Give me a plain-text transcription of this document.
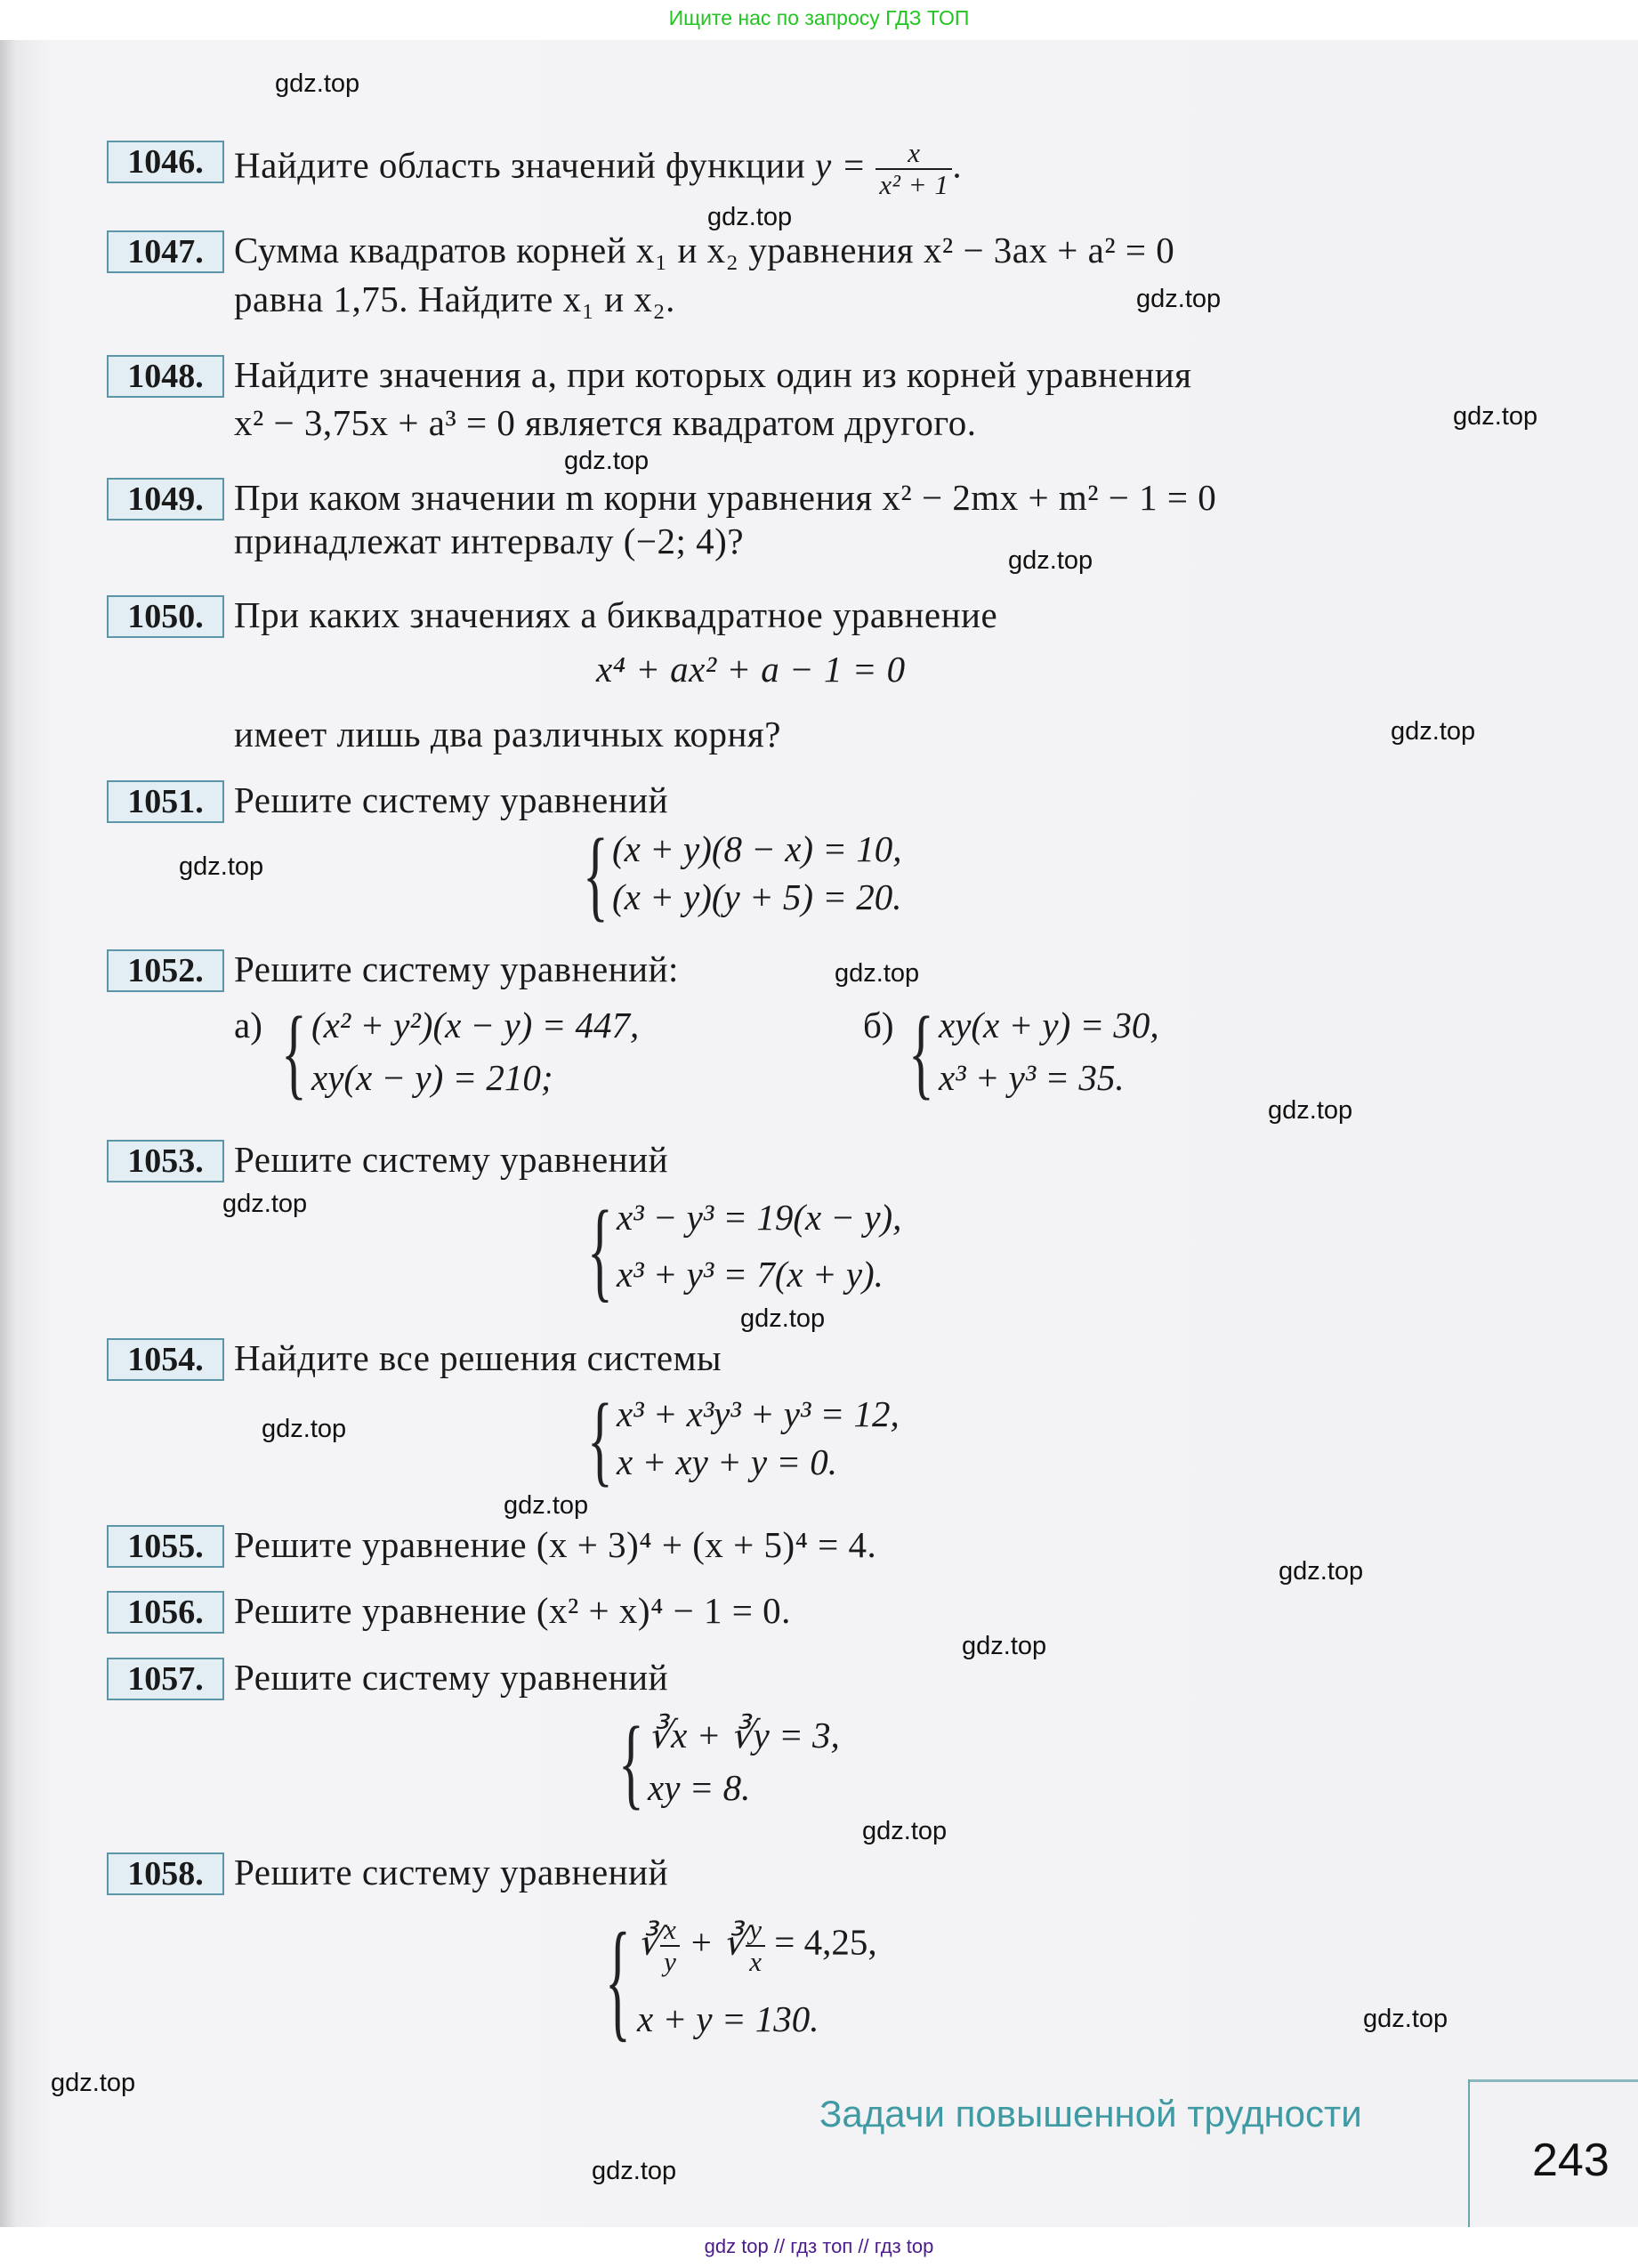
Ищите нас по запросу ГДЗ ТОП
1046. Найдите область значений функции $y = \frac{x}{\text{x² + 1}}$ .
1047. Сумма квадратов корней x₁ и x₂ уравнения x² − 3ax + a² = 0
равна 1,75. Найдите x₁ и x₂.
1048. Найдите значения a, при которых один из корней уравнения
x² − 3,75x + a³ = 0 является квадратом другого.
1049. При каком значении m корни уравнения x² − 2mx + m² − 1 = 0
принадлежат интервалу (−2; 4)?
1050. При каких значениях a биквадратное уравнение
x⁴ + ax² + a − 1 = 0
имеет лишь два различных корня?
1051. Решите систему уравнений
{ (x + y)(8 − x) = 10,
(x + y)(y + 5) = 20.
1052. Решите систему уравнений:
а) { (x² + y²)(x − y) = 447,
xy(x − y) = 210;
б) { xy(x + y) = 30,
x³ + y³ = 35.
1053. Решите систему уравнений
{ x³ − y³ = 19(x − y),
x³ + y³ = 7(x + y).
1054. Найдите все решения системы
{ x³ + x³y³ + y³ = 12,
x + xy + y = 0.
1055. Решите уравнение (x + 3)⁴ + (x + 5)⁴ = 4.
1056. Решите уравнение (x² + x)⁴ − 1 = 0.
1057. Решите систему уравнений
{ ∛x + ∛y = 3,
xy = 8.
1058. Решите систему уравнений
{ ∛ $\frac{x}{y}$ + ∛ $\frac{y}{x} = 4,25$,
x + y = 130.
Задачи повышенной трудности
243
gdz.top
gdz.top
gdz.top
gdz.top
gdz.top
gdz.top
gdz.top
gdz.top
gdz.top
gdz.top
gdz.top
gdz.top
gdz.top
gdz.top
gdz.top
gdz.top
gdz.top
gdz.top
gdz.top
gdz.top
gdz top // гдз топ // гдз top
